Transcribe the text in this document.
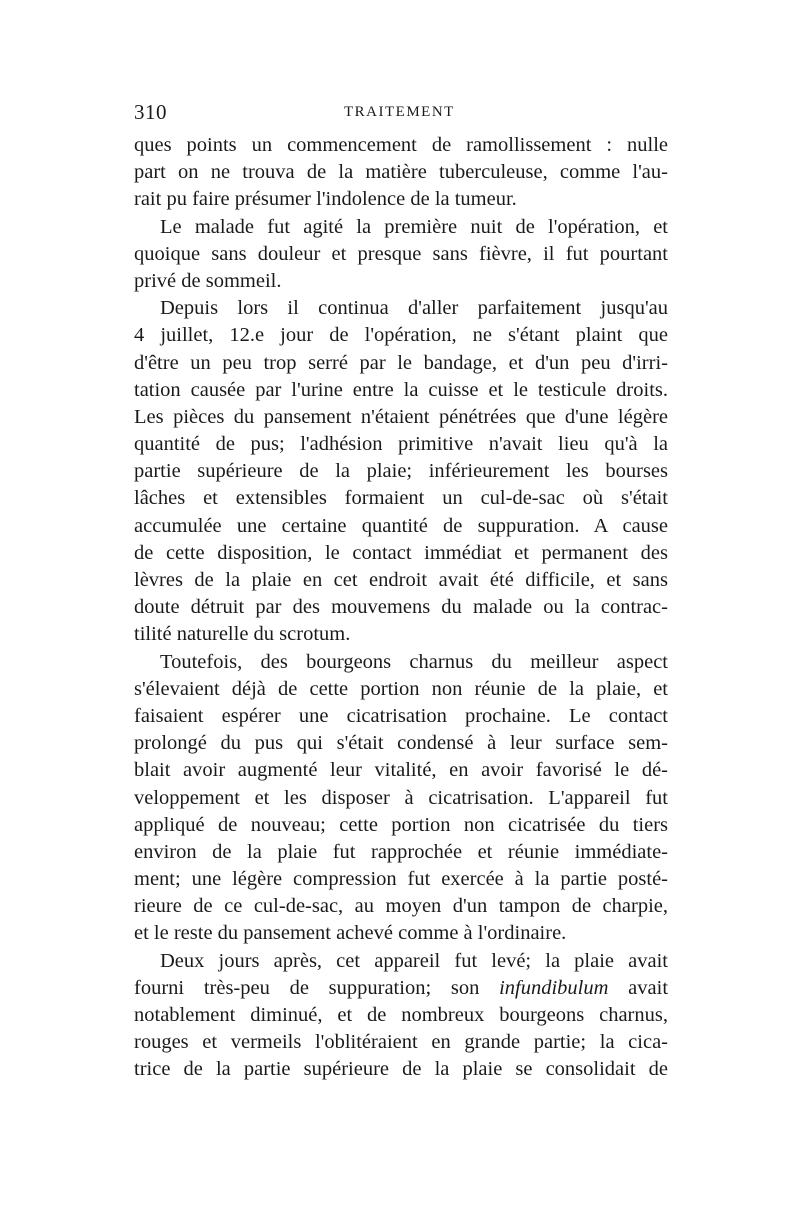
310	TRAITEMENT
ques points un commencement de ramollissement : nulle
part on ne trouva de la matière tuberculeuse, comme l'au-
rait pu faire présumer l'indolence de la tumeur.
Le malade fut agité la première nuit de l'opération, et
quoique sans douleur et presque sans fièvre, il fut pourtant
privé de sommeil.
Depuis lors il continua d'aller parfaitement jusqu'au
4 juillet, 12.e jour de l'opération, ne s'étant plaint que
d'être un peu trop serré par le bandage, et d'un peu d'irri-
tation causée par l'urine entre la cuisse et le testicule droits.
Les pièces du pansement n'étaient pénétrées que d'une légère
quantité de pus; l'adhésion primitive n'avait lieu qu'à la
partie supérieure de la plaie; inférieurement les bourses
lâches et extensibles formaient un cul-de-sac où s'était
accumulée une certaine quantité de suppuration. A cause
de cette disposition, le contact immédiat et permanent des
lèvres de la plaie en cet endroit avait été difficile, et sans
doute détruit par des mouvemens du malade ou la contrac-
tilité naturelle du scrotum.
Toutefois, des bourgeons charnus du meilleur aspect
s'élevaient déjà de cette portion non réunie de la plaie, et
faisaient espérer une cicatrisation prochaine. Le contact
prolongé du pus qui s'était condensé à leur surface sem-
blait avoir augmenté leur vitalité, en avoir favorisé le dé-
veloppement et les disposer à cicatrisation. L'appareil fut
appliqué de nouveau; cette portion non cicatrisée du tiers
environ de la plaie fut rapprochée et réunie immédiate-
ment; une légère compression fut exercée à la partie posté-
rieure de ce cul-de-sac, au moyen d'un tampon de charpie,
et le reste du pansement achevé comme à l'ordinaire.
Deux jours après, cet appareil fut levé; la plaie avait
fourni très-peu de suppuration; son infundibulum avait
notablement diminué, et de nombreux bourgeons charnus,
rouges et vermeils l'oblitéraient en grande partie; la cica-
trice de la partie supérieure de la plaie se consolidait de
